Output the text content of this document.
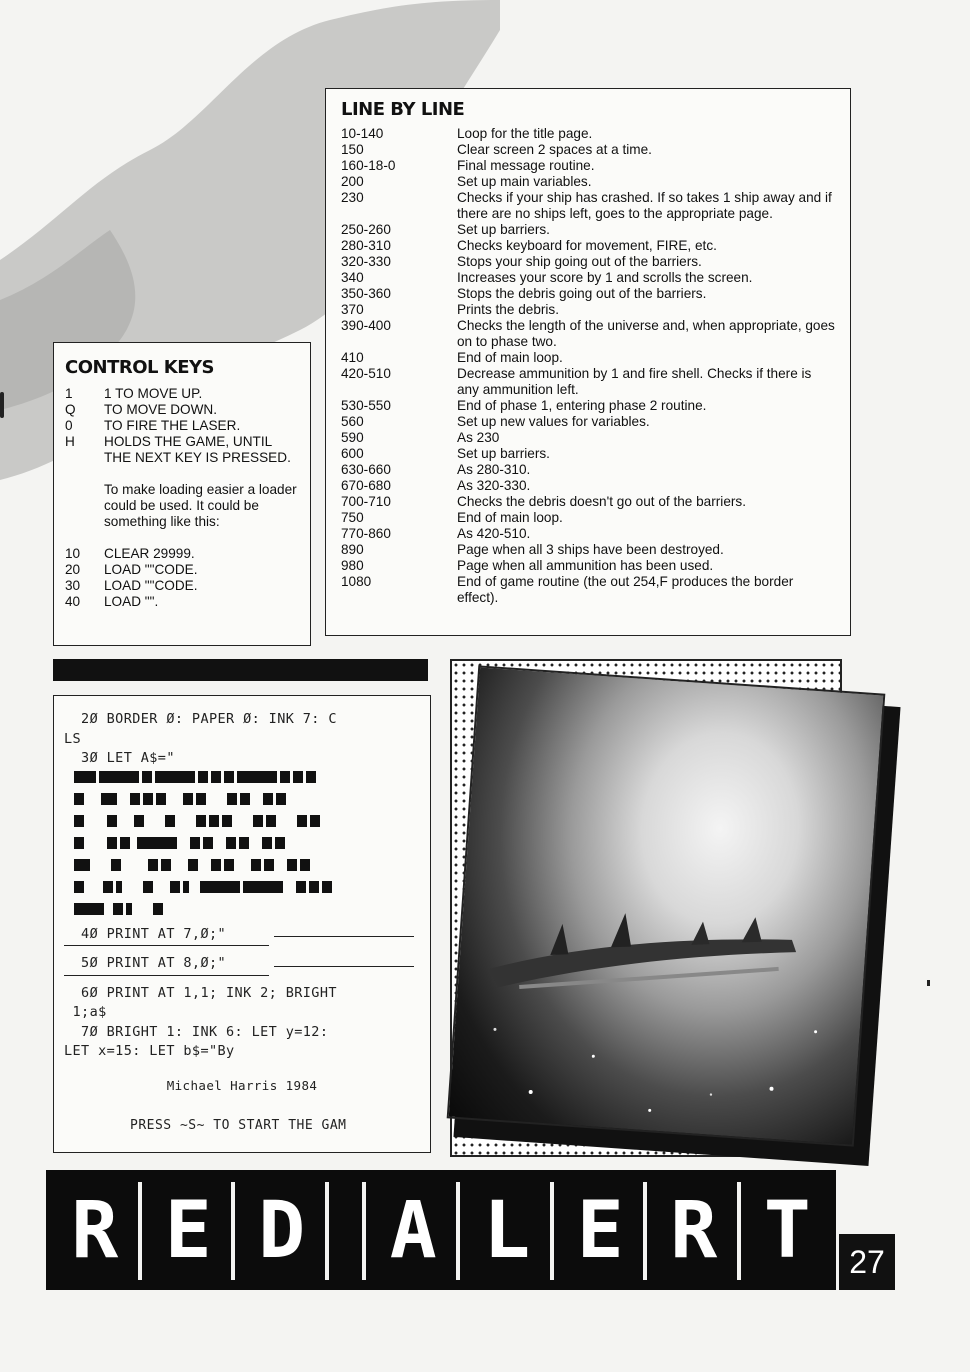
LINE BY LINE
10-140	Loop for the title page.
150	Clear screen 2 spaces at a time.
160-18-0	Final message routine.
200	Set up main variables.
230	Checks if your ship has crashed. If so takes 1 ship away and if there are no ships left, goes to the appropriate page.
250-260	Set up barriers.
280-310	Checks keyboard for movement, FIRE, etc.
320-330	Stops your ship going out of the barriers.
340	Increases your score by 1 and scrolls the screen.
350-360	Stops the debris going out of the barriers.
370	Prints the debris.
390-400	Checks the length of the universe and, when appropriate, goes on to phase two.
410	End of main loop.
420-510	Decrease ammunition by 1 and fire shell. Checks if there is any ammunition left.
530-550	End of phase 1, entering phase 2 routine.
560	Set up new values for variables.
590	As 230
600	Set up barriers.
630-660	As 280-310.
670-680	As 320-330.
700-710	Checks the debris doesn't go out of the barriers.
750	End of main loop.
770-860	As 420-510.
890	Page when all 3 ships have been destroyed.
980	Page when all ammunition has been used.
1080	End of game routine (the out 254,F produces the border effect).
CONTROL KEYS
1	1 TO MOVE UP.
Q	TO MOVE DOWN.
0	TO FIRE THE LASER.
H	HOLDS THE GAME, UNTIL THE NEXT KEY IS PRESSED.
To make loading easier a loader could be used. It could be something like this:
10	CLEAR 29999.
20	LOAD ""CODE.
30	LOAD ""CODE.
40	LOAD "".
2Ø BORDER Ø: PAPER Ø: INK 7: C
LS
3Ø LET A$="
4Ø PRINT AT 7,Ø;"
5Ø PRINT AT 8,Ø;"
6Ø PRINT AT 1,1; INK 2; BRIGHT
1;a$
7Ø BRIGHT 1: INK 6: LET y=12:
LET x=15: LET b$="By
Michael Harris 1984
PRESS ~S~ TO START THE GAM
R E D A L E R T	27
